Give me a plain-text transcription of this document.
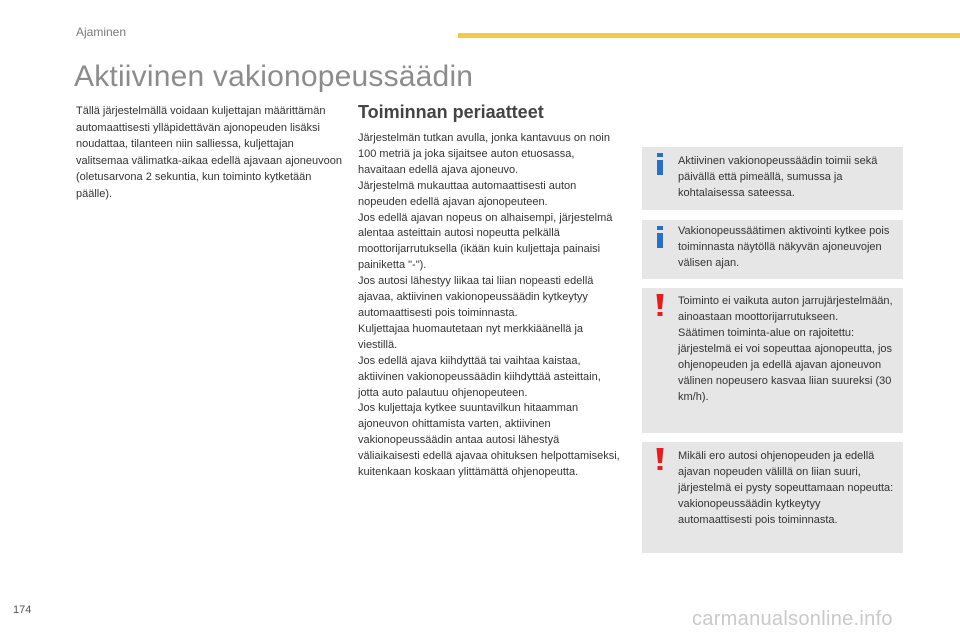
Ajaminen
Aktiivinen vakionopeussäädin

Tällä järjestelmällä voidaan kuljettajan määrittämän automaattisesti ylläpidettävän ajonopeuden lisäksi noudattaa, tilanteen niin salliessa, kuljettajan valitsemaa välimatka-aikaa edellä ajavaan ajoneuvoon (oletusarvona 2 sekuntia, kun toiminto kytketään päälle).

Toiminnan periaatteet

Järjestelmän tutkan avulla, jonka kantavuus on noin 100 metriä ja joka sijaitsee auton etuosassa, havaitaan edellä ajava ajoneuvo.

Järjestelmä mukauttaa automaattisesti auton nopeuden edellä ajavan ajonopeuteen.

Jos edellä ajavan nopeus on alhaisempi, järjestelmä alentaa asteittain autosi nopeutta pelkällä moottorijarrutuksella (ikään kuin kuljettaja painaisi painiketta "-").

Jos autosi lähestyy liikaa tai liian nopeasti edellä ajavaa, aktiivinen vakionopeussäädin kytkeytyy automaattisesti pois toiminnasta.

Kuljettajaa huomautetaan nyt merkkiäänellä ja viestillä.

Jos edellä ajava kiihdyttää tai vaihtaa kaistaa, aktiivinen vakionopeussäädin kiihdyttää asteittain, jotta auto palautuu ohjenopeuteen.

Jos kuljettaja kytkee suuntavilkun hitaamman ajoneuvon ohittamista varten, aktiivinen vakionopeussäädin antaa autosi lähestyä väliaikaisesti edellä ajavaa ohituksen helpottamiseksi, kuitenkaan koskaan ylittämättä ohjenopeutta.

Aktiivinen vakionopeussäädin toimii sekä päivällä että pimeällä, sumussa ja kohtalaisessa sateessa.

Vakionopeussäätimen aktivointi kytkee pois toiminnasta näytöllä näkyvän ajoneuvojen välisen ajan.

Toiminto ei vaikuta auton jarrujärjestelmään, ainoastaan moottorijarrutukseen.

Säätimen toiminta-alue on rajoitettu: järjestelmä ei voi sopeuttaa ajonopeutta, jos ohjenopeuden ja edellä ajavan ajoneuvon välinen nopeusero kasvaa liian suureksi (30 km/h).

Mikäli ero autosi ohjenopeuden ja edellä ajavan nopeuden välillä on liian suuri, järjestelmä ei pysty sopeuttamaan nopeutta: vakionopeussäädin kytkeytyy automaattisesti pois toiminnasta.

174	carmanualsonline.info
